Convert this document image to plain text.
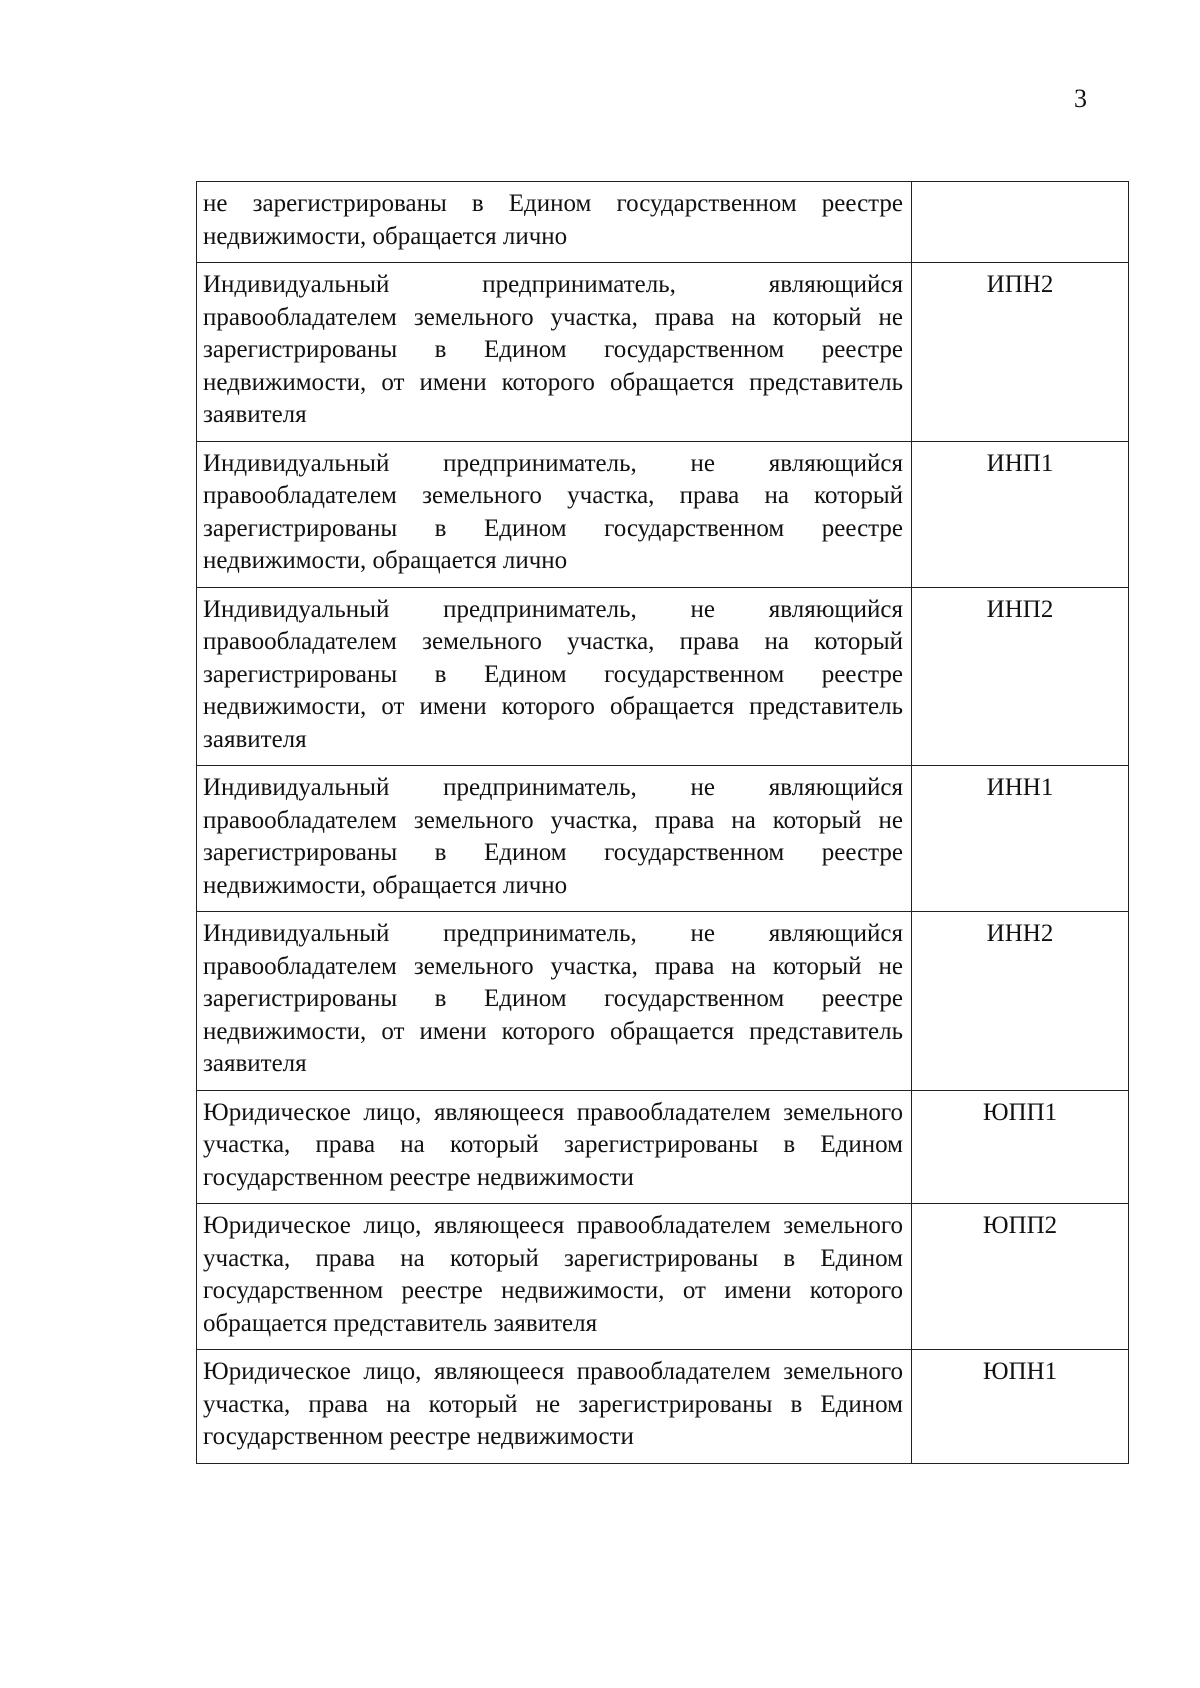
3
не зарегистрированы в Едином государственном реестре недвижимости, обращается лично	
Индивидуальный предприниматель, являющийся правообладателем земельного участка, права на который не зарегистрированы в Едином государственном реестре недвижимости, от имени которого обращается представитель заявителя	ИПН2
Индивидуальный предприниматель, не являющийся правообладателем земельного участка, права на который зарегистрированы в Едином государственном реестре недвижимости, обращается лично	ИНП1
Индивидуальный предприниматель, не являющийся правообладателем земельного участка, права на который зарегистрированы в Едином государственном реестре недвижимости, от имени которого обращается представитель заявителя	ИНП2
Индивидуальный предприниматель, не являющийся правообладателем земельного участка, права на который не зарегистрированы в Едином государственном реестре недвижимости, обращается лично	ИНН1
Индивидуальный предприниматель, не являющийся правообладателем земельного участка, права на который не зарегистрированы в Едином государственном реестре недвижимости, от имени которого обращается представитель заявителя	ИНН2
Юридическое лицо, являющееся правообладателем земельного участка, права на который зарегистрированы в Едином государственном реестре недвижимости	ЮПП1
Юридическое лицо, являющееся правообладателем земельного участка, права на который зарегистрированы в Едином государственном реестре недвижимости, от имени которого обращается представитель заявителя	ЮПП2
Юридическое лицо, являющееся правообладателем земельного участка, права на который не зарегистрированы в Едином государственном реестре недвижимости	ЮПН1
